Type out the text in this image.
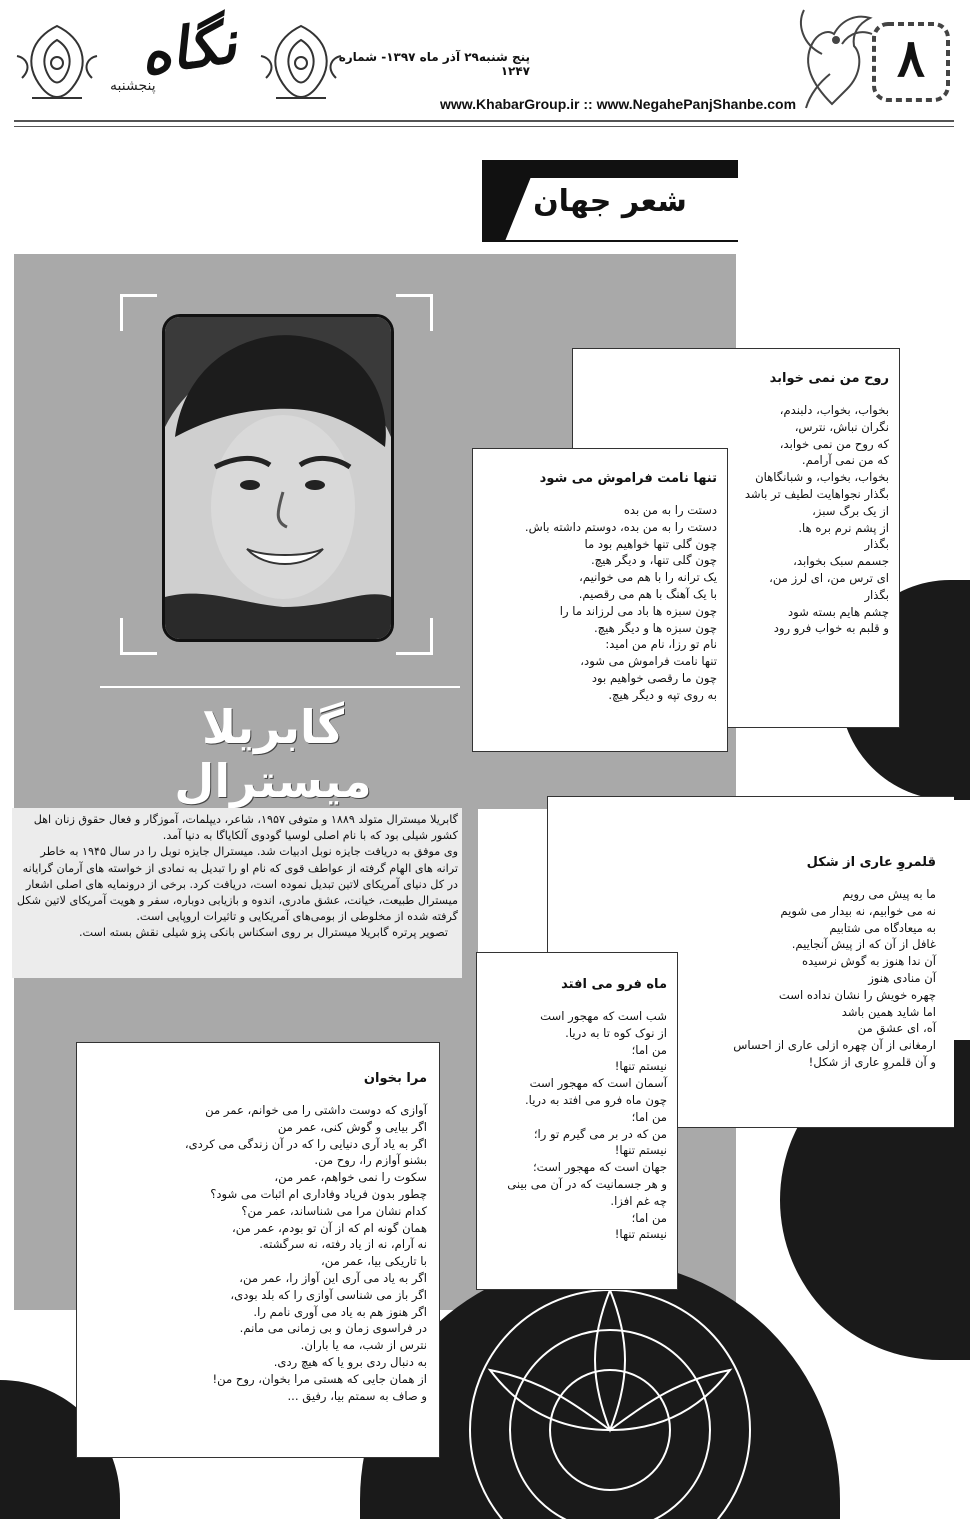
نگاه
پنجشنبه
پنج شنبه۲۹ آذر ماه ۱۳۹۷- شماره ۱۲۴۷
www.KhabarGroup.ir :: www.NegahePanjShanbe.com
۸
شعر جهان
گابریلا میسترال
گابریلا میسترال متولد ۱۸۸۹ و متوفی ۱۹۵۷، شاعر، دیپلمات، آموزگار و فعال حقوق زنان اهل
کشور شیلی بود که با نام اصلی لوسیا گودوی آلکایاگا به دنیا آمد.
وی موفق به دریافت جایزه نوبل ادبیات شد. میسترال جایزه نوبل را در سال ۱۹۴۵ به خاطر
ترانه های الهام گرفته از عواطف قوی که نام او را تبدیل به نمادی از خواسته های آرمان گرایانه
در کل دنیای آمریکای لاتین تبدیل نموده است، دریافت کرد. برخی از درونمایه های اصلی اشعار
میسترال طبیعت، خیانت، عشق مادری، اندوه و بازیابی دوباره، سفر و هویت آمریکای لاتین شکل
گرفته شده از مخلوطی از بومی‌های آمریکایی و تاثیرات اروپایی است.
تصویر پرتره گابریلا میسترال بر روی اسکناس بانکی پزو شیلی نقش بسته است.
روح من نمی خوابد
بخواب، بخواب، دلبندم،
نگران نباش، نترس،
که روح من نمی خوابد،
که من نمی آرامم.
بخواب، بخواب، و شبانگاهان
بگذار نجواهایت لطیف تر باشد
از یک برگ سبز،
از پشم نرم بره ها.
بگذار
جسمم سبک بخوابد،
ای ترس من، ای لرز من،
بگذار
چشم هایم بسته شود
و قلبم به خواب فرو رود
تنها نامت فراموش می شود
دستت را به من بده
دستت را به من بده، دوستم داشته باش.
چون گلی تنها خواهیم بود ما
چون گلی تنها، و دیگر هیچ.
یک ترانه را با هم می خوانیم،
با یک آهنگ با هم می رقصیم.
چون سبزه ها باد می لرزاند ما را
چون سبزه ها و دیگر هیچ.
نام تو رزا، نام من امید:
تنها نامت فراموش می شود،
چون ما رقصی خواهیم بود
به روی تپه و دیگر هیچ.
قلمروِ عاری از شکل
ما به پیش می رویم
نه می خوابیم، نه بیدار می شویم
به میعادگاه می شتابیم
غافل از آن که از پیش آنجاییم.
آن ندا هنوز به گوش نرسیده
آن منادی هنوز
چهره خویش را نشان نداده است
اما شاید همین باشد
آه، ای عشق من
ارمغانی از آن چهره ازلی عاری از احساس
و آن قلمروِ عاری از شکل!
ماه فرو می افتد
شب است که مهجور است
از نوک کوه تا به دریا.
من اما؛
نیستم تنها!
آسمان است که مهجور است
چون ماه فرو می افتد به دریا.
من اما؛
من که در بر می گیرم تو را؛
نیستم تنها!
جهان است که مهجور است؛
و هر جسمانیت که در آن می بینی
چه غم افزا.
من اما؛
نیستم تنها!
مرا بخوان
آوازی که دوست داشتی را می خوانم، عمر من
اگر بیایی و گوش کنی، عمر من
اگر به یاد آری دنیایی را که در آن زندگی می کردی،
بشنو آوازم را، روح من.
سکوت را نمی خواهم، عمر من،
چطور بدون فریاد وفاداری ام اثبات می شود؟
کدام نشان مرا می شناساند، عمر من؟
همان گونه ام که از آن تو بودم، عمر من،
نه آرام، نه از یاد رفته، نه سرگشته.
با تاریکی بیا، عمر من،
اگر به یاد می آری این آواز را، عمر من،
اگر باز می شناسی آوازی را که بلد بودی،
اگر هنوز هم به یاد می آوری نامم را.
در فراسوی زمان و بی زمانی می مانم.
نترس از شب، مه یا باران.
به دنبال ردی برو یا که هیچ ردی.
از همان جایی که هستی مرا بخوان، روح من!
و صاف به سمتم بیا، رفیق ...
